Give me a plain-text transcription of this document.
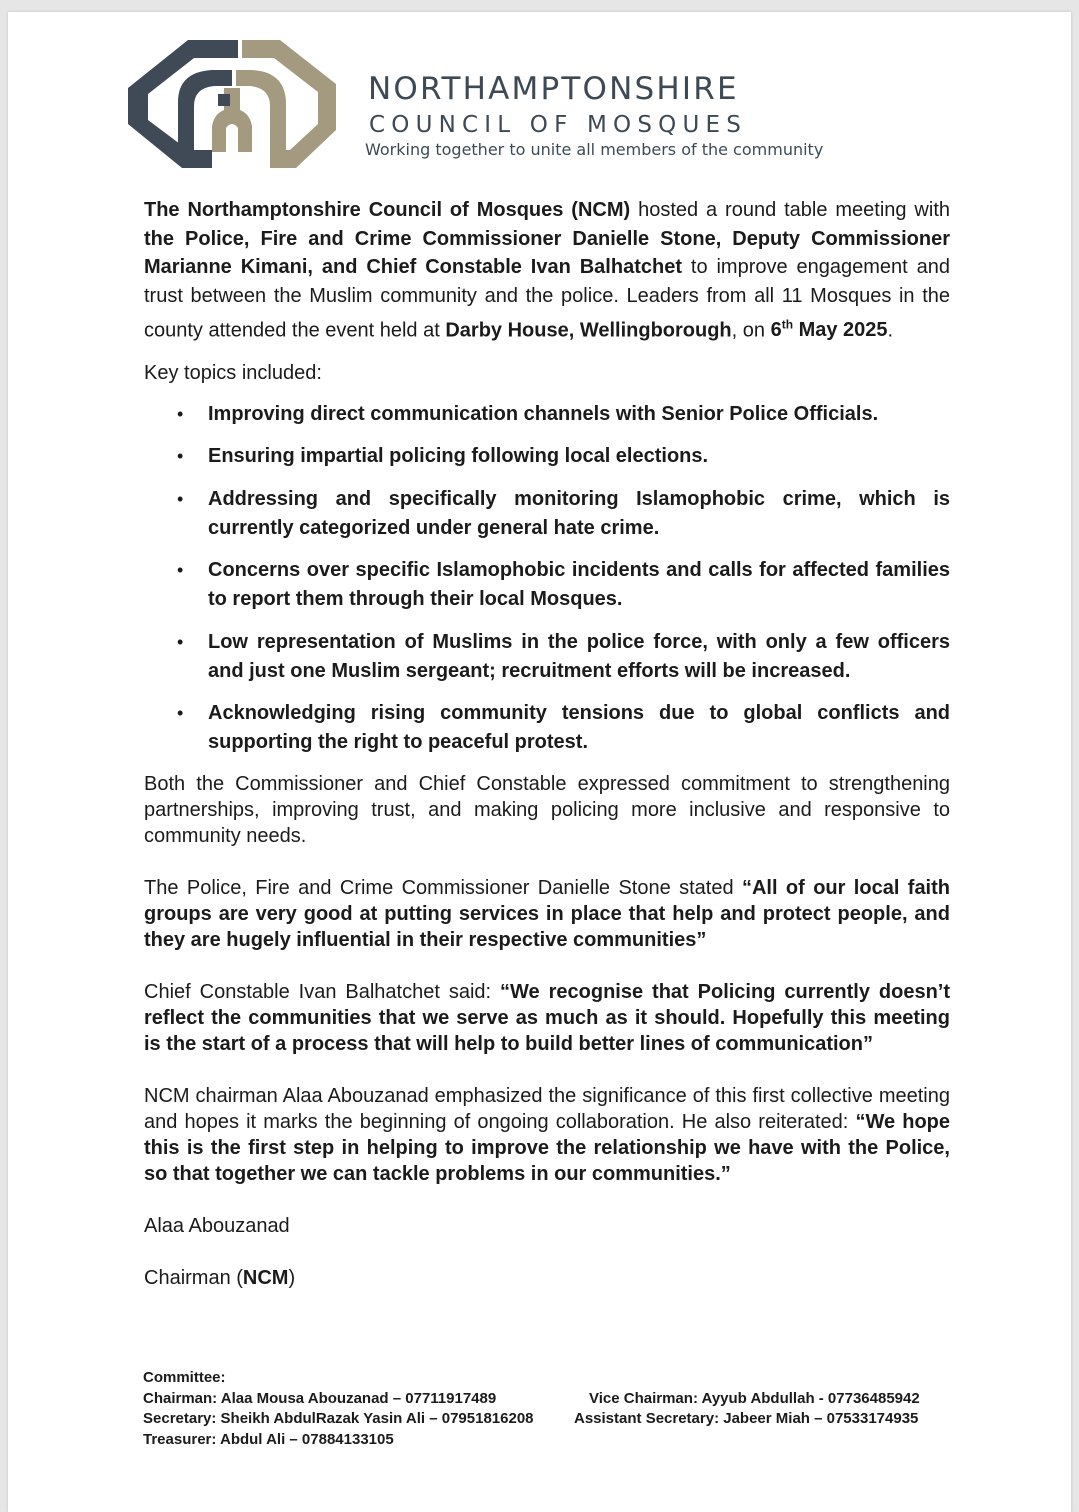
NORTHAMPTONSHIRE
COUNCIL OF MOSQUES
Working together to unite all members of the community

The Northamptonshire Council of Mosques (NCM) hosted a round table meeting with the Police, Fire and Crime Commissioner Danielle Stone, Deputy Commissioner Marianne Kimani, and Chief Constable Ivan Balhatchet to improve engagement and trust between the Muslim community and the police. Leaders from all 11 Mosques in the county attended the event held at Darby House, Wellingborough, on 6th May 2025.

Key topics included:

• Improving direct communication channels with Senior Police Officials.
• Ensuring impartial policing following local elections.
• Addressing and specifically monitoring Islamophobic crime, which is currently categorized under general hate crime.
• Concerns over specific Islamophobic incidents and calls for affected families to report them through their local Mosques.
• Low representation of Muslims in the police force, with only a few officers and just one Muslim sergeant; recruitment efforts will be increased.
• Acknowledging rising community tensions due to global conflicts and supporting the right to peaceful protest.

Both the Commissioner and Chief Constable expressed commitment to strengthening partnerships, improving trust, and making policing more inclusive and responsive to community needs.

The Police, Fire and Crime Commissioner Danielle Stone stated “All of our local faith groups are very good at putting services in place that help and protect people, and they are hugely influential in their respective communities”

Chief Constable Ivan Balhatchet said: “We recognise that Policing currently doesn’t reflect the communities that we serve as much as it should. Hopefully this meeting is the start of a process that will help to build better lines of communication”

NCM chairman Alaa Abouzanad emphasized the significance of this first collective meeting and hopes it marks the beginning of ongoing collaboration. He also reiterated: “We hope this is the first step in helping to improve the relationship we have with the Police, so that together we can tackle problems in our communities.”

Alaa Abouzanad

Chairman (NCM)

Committee:
Chairman: Alaa Mousa Abouzanad – 07711917489	Vice Chairman: Ayyub Abdullah - 07736485942
Secretary: Sheikh AbdulRazak Yasin Ali – 07951816208	Assistant Secretary: Jabeer Miah – 07533174935
Treasurer: Abdul Ali – 07884133105
